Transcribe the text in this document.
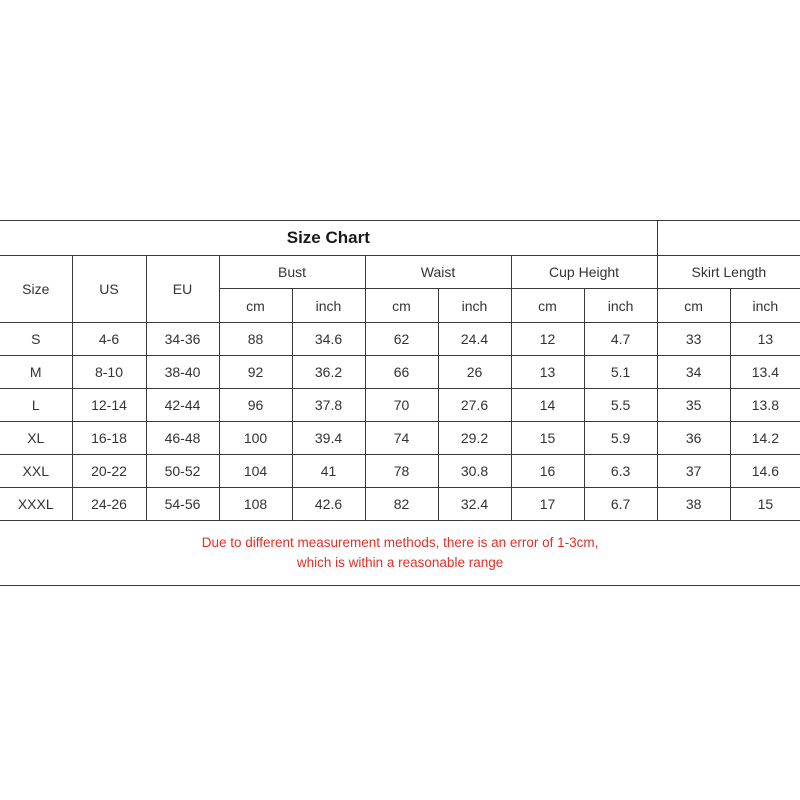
Size Chart										
Size	US	EU	Bust		Waist		Cup Height		Skirt Length	
			cm	inch	cm	inch	cm	inch	cm	inch
S	4-6	34-36	88	34.6	62	24.4	12	4.7	33	13
M	8-10	38-40	92	36.2	66	26	13	5.1	34	13.4
L	12-14	42-44	96	37.8	70	27.6	14	5.5	35	13.8
XL	16-18	46-48	100	39.4	74	29.2	15	5.9	36	14.2
XXL	20-22	50-52	104	41	78	30.8	16	6.3	37	14.6
XXXL	24-26	54-56	108	42.6	82	32.4	17	6.7	38	15

Due to different measurement methods, there is an error of 1-3cm,
which is within a reasonable range										
